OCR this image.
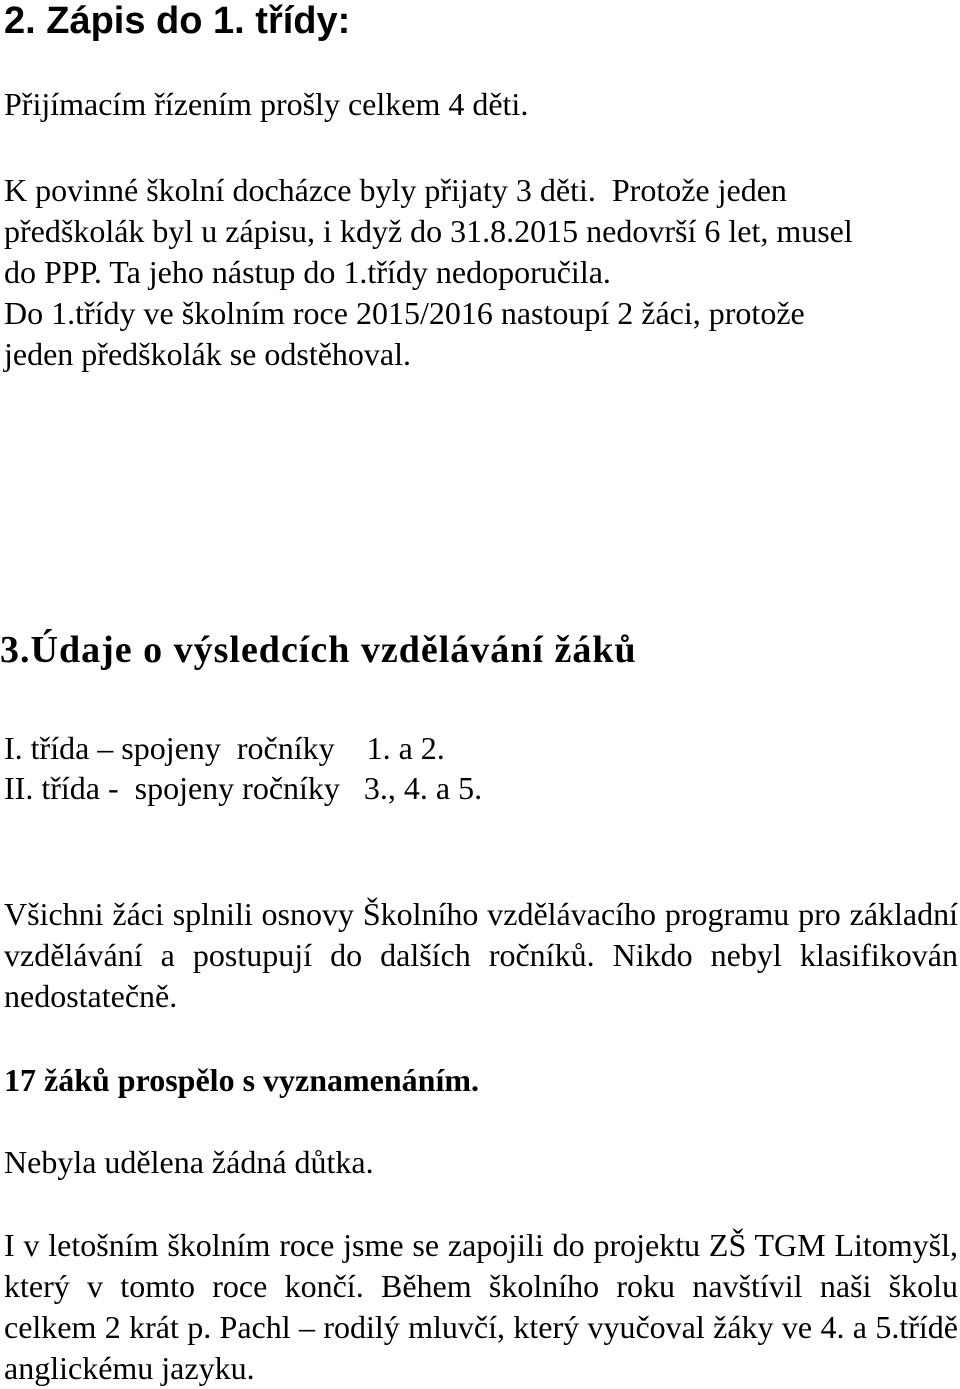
2. Zápis do 1. třídy:

Přijímacím řízením prošly celkem 4 děti.

K povinné školní docházce byly přijaty 3 děti.  Protože jeden
předškolák byl u zápisu, i když do 31.8.2015 nedovrší 6 let, musel
do PPP. Ta jeho nástup do 1.třídy nedoporučila.
Do 1.třídy ve školním roce 2015/2016 nastoupí 2 žáci, protože
jeden předškolák se odstěhoval.
3.Údaje o výsledcích vzdělávání žáků
I. třída – spojeny  ročníky    1. a 2.
II. třída -  spojeny ročníky   3., 4. a 5.

Všichni žáci splnili osnovy Školního vzdělávacího programu pro základní vzdělávání a postupují do dalších ročníků. Nikdo nebyl klasifikován nedostatečně.

17 žáků prospělo s vyznamenáním.

Nebyla udělena žádná důtka.

I v letošním školním roce jsme se zapojili do projektu ZŠ TGM Litomyšl, který v tomto roce končí. Během školního roku navštívil naši školu celkem 2 krát p. Pachl – rodilý mluvčí, který vyučoval žáky ve 4. a 5.třídě anglickému jazyku.
